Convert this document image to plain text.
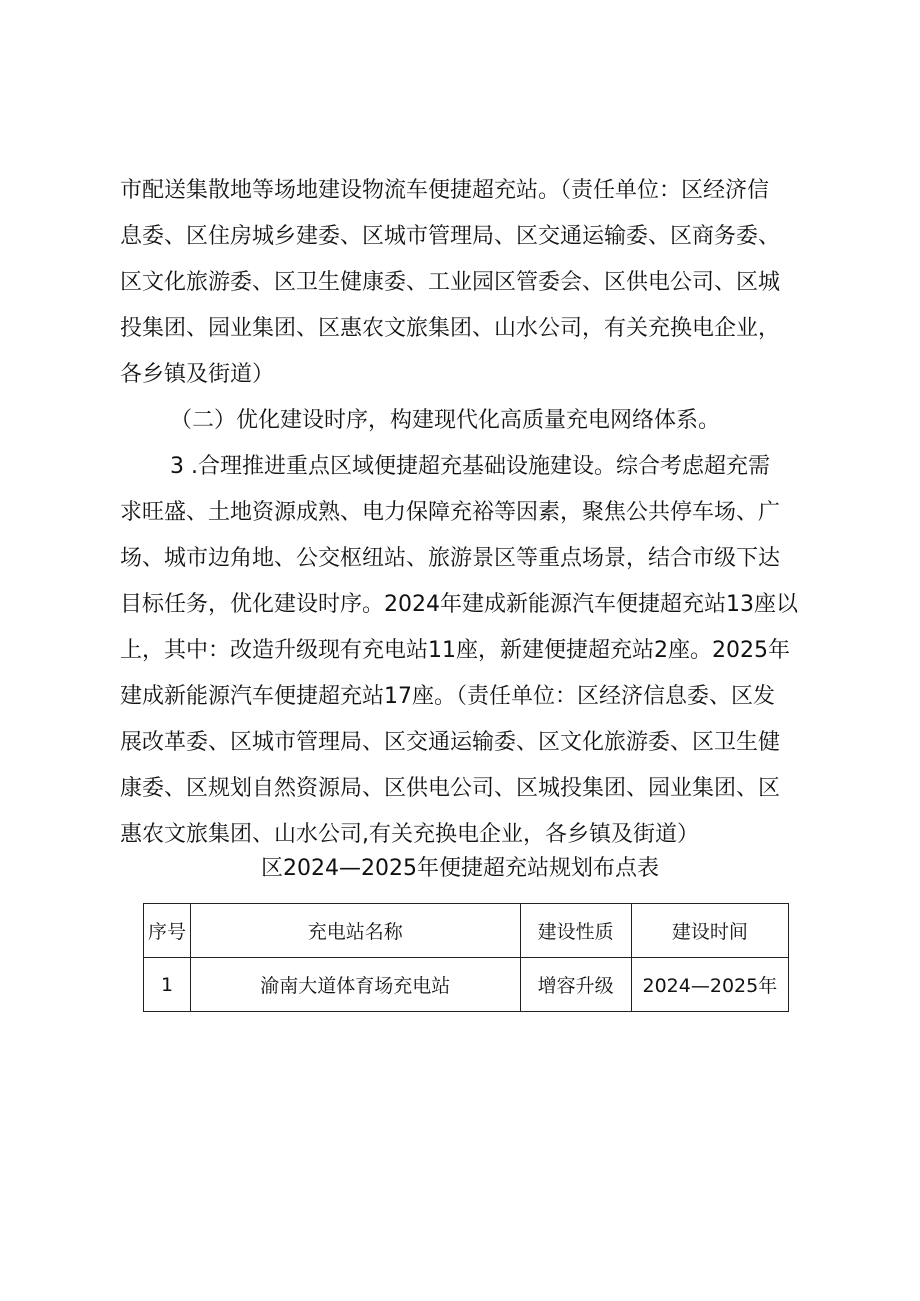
市配送集散地等场地建设物流车便捷超充站。（责任单位：区经济信
息委、区住房城乡建委、区城市管理局、区交通运输委、区商务委、
区文化旅游委、区卫生健康委、工业园区管委会、区供电公司、区城
投集团、园业集团、区惠农文旅集团、山水公司，有关充换电企业，
各乡镇及街道）
（二）优化建设时序，构建现代化高质量充电网络体系。
3 .合理推进重点区域便捷超充基础设施建设。综合考虑超充需
求旺盛、土地资源成熟、电力保障充裕等因素，聚焦公共停车场、广
场、城市边角地、公交枢纽站、旅游景区等重点场景，结合市级下达
目标任务，优化建设时序。2024年建成新能源汽车便捷超充站13座以
上，其中：改造升级现有充电站11座，新建便捷超充站2座。2025年
建成新能源汽车便捷超充站17座。（责任单位：区经济信息委、区发
展改革委、区城市管理局、区交通运输委、区文化旅游委、区卫生健
康委、区规划自然资源局、区供电公司、区城投集团、园业集团、区
惠农文旅集团、山水公司,有关充换电企业，各乡镇及街道）
区2024—2025年便捷超充站规划布点表
序号	充电站名称	建设性质	建设时间
1	渝南大道体育场充电站	增容升级	2024—2025年
